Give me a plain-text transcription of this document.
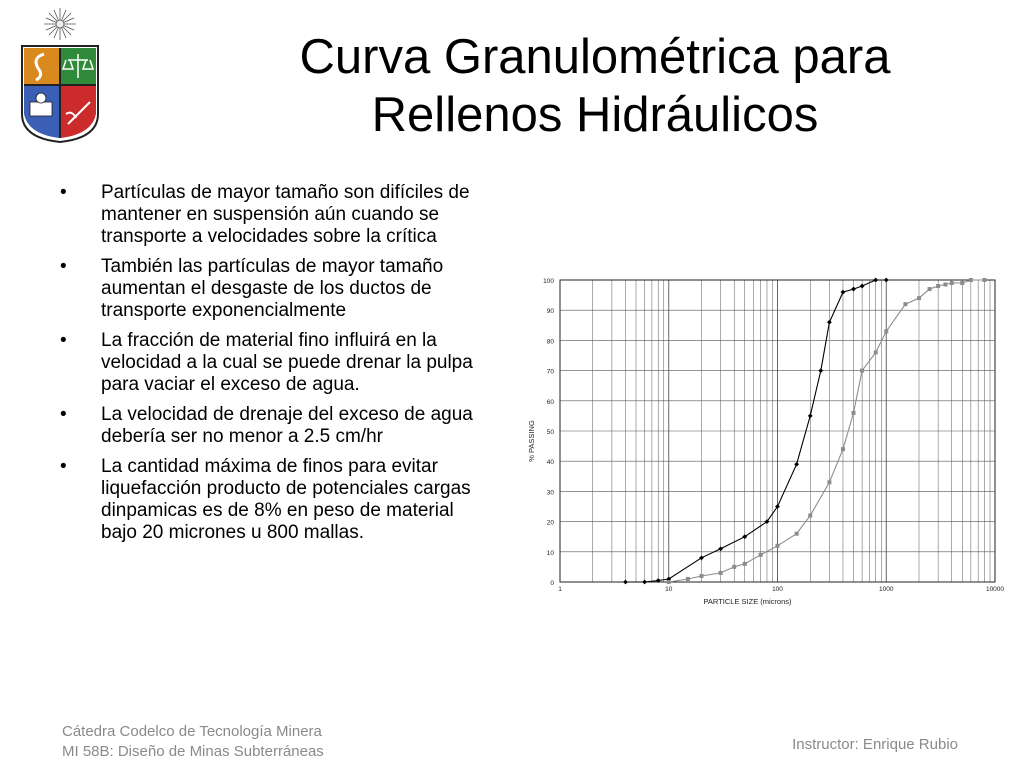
Curva Granulométrica para
Rellenos Hidráulicos
• Partículas de mayor tamaño son difíciles de mantener en suspensión aún cuando se transporte a velocidades sobre la crítica
• También las partículas de mayor tamaño aumentan el desgaste de los ductos de transporte exponencialmente
• La fracción de material fino influirá en la velocidad a la cual se puede drenar la pulpa para vaciar el exceso de agua.
• La velocidad de drenaje del exceso de agua debería ser no menor a 2.5 cm/hr
• La cantidad máxima de finos para evitar liquefacción producto de potenciales cargas dinpamicas es de 8% en peso de material bajo 20 micrones u 800 mallas.
0
10
20
30
40
50
60
70
80
90
100
1	10	100	1000	10000
PARTICLE SIZE (microns)
% PASSING
Cátedra Codelco de Tecnología Minera
MI 58B: Diseño de Minas Subterráneas	Instructor: Enrique Rubio
